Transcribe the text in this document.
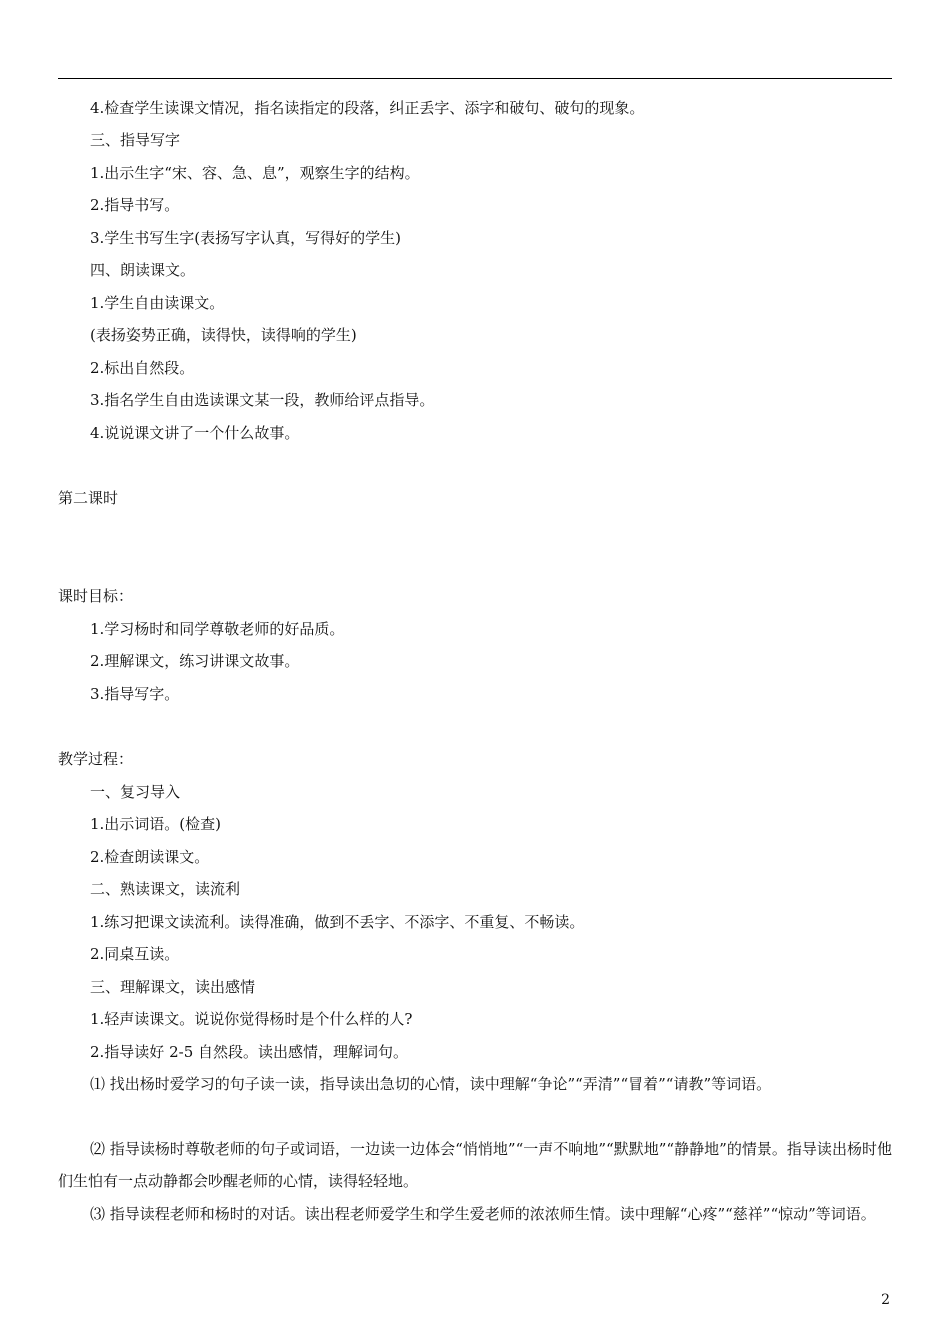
4.检查学生读课文情况，指名读指定的段落，纠正丢字、添字和破句、破句的现象。
三、指导写字
1.出示生字“宋、容、急、息”，观察生字的结构。
2.指导书写。
3.学生书写生字(表扬写字认真，写得好的学生)
四、朗读课文。
1.学生自由读课文。
(表扬姿势正确，读得快，读得响的学生)
2.标出自然段。
3.指名学生自由选读课文某一段，教师给评点指导。
4.说说课文讲了一个什么故事。
第二课时
课时目标：
1.学习杨时和同学尊敬老师的好品质。
2.理解课文，练习讲课文故事。
3.指导写字。
教学过程：
一、复习导入
1.出示词语。(检查)
2.检查朗读课文。
二、熟读课文，读流利
1.练习把课文读流利。读得准确，做到不丢字、不添字、不重复、不畅读。
2.同桌互读。
三、理解课文，读出感情
1.轻声读课文。说说你觉得杨时是个什么样的人?
2.指导读好 2-5 自然段。读出感情，理解词句。

⑴ 找出杨时爱学习的句子读一读，指导读出急切的心情，读中理解“争论”“弄清”“冒着”“请教”等词语。

⑵ 指导读杨时尊敬老师的句子或词语，一边读一边体会“悄悄地”“一声不响地”“默默地”“静静地”的情景。指导读出杨时他们生怕有一点动静都会吵醒老师的心情，读得轻轻地。

⑶ 指导读程老师和杨时的对话。读出程老师爱学生和学生爱老师的浓浓师生情。读中理解“心疼”“慈祥”“惊动”等词语。

2
